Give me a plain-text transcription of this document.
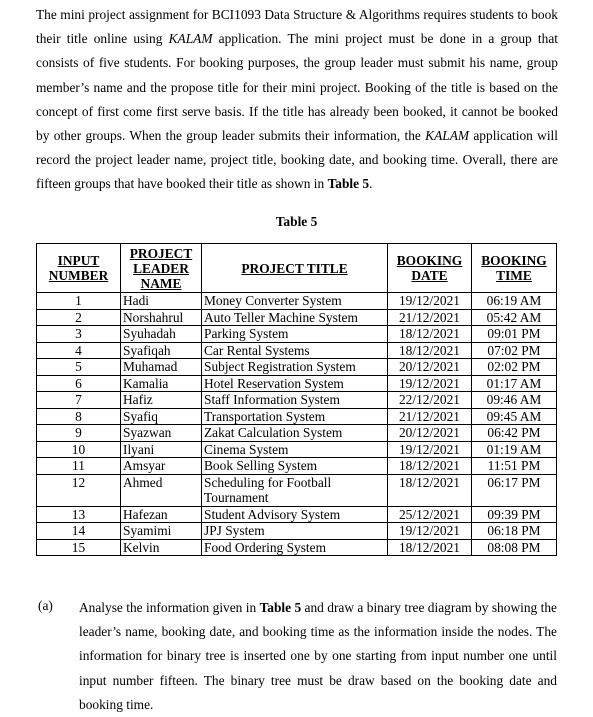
The mini project assignment for BCI1093 Data Structure & Algorithms requires students to book their title online using KALAM application. The mini project must be done in a group that consists of five students. For booking purposes, the group leader must submit his name, group member’s name and the propose title for their mini project. Booking of the title is based on the concept of first come first serve basis. If the title has already been booked, it cannot be booked by other groups. When the group leader submits their information, the KALAM application will record the project leader name, project title, booking date, and booking time. Overall, there are fifteen groups that have booked their title as shown in Table 5.

Table 5
INPUT NUMBER	PROJECT LEADER NAME	PROJECT TITLE	BOOKING DATE	BOOKING TIME
1	Hadi	Money Converter System	19/12/2021	06:19 AM
2	Norshahrul	Auto Teller Machine System	21/12/2021	05:42 AM
3	Syuhadah	Parking System	18/12/2021	09:01 PM
4	Syafiqah	Car Rental Systems	18/12/2021	07:02 PM
5	Muhamad	Subject Registration System	20/12/2021	02:02 PM
6	Kamalia	Hotel Reservation System	19/12/2021	01:17 AM
7	Hafiz	Staff Information System	22/12/2021	09:46 AM
8	Syafiq	Transportation System	21/12/2021	09:45 AM
9	Syazwan	Zakat Calculation System	20/12/2021	06:42 PM
10	Ilyani	Cinema System	19/12/2021	01:19 AM
11	Amsyar	Book Selling System	18/12/2021	11:51 PM
12	Ahmed	Scheduling for Football Tournament	18/12/2021	06:17 PM
13	Hafezan	Student Advisory System	25/12/2021	09:39 PM
14	Syamimi	JPJ System	19/12/2021	06:18 PM
15	Kelvin	Food Ordering System	18/12/2021	08:08 PM
(a) Analyse the information given in Table 5 and draw a binary tree diagram by showing the leader’s name, booking date, and booking time as the information inside the nodes. The information for binary tree is inserted one by one starting from input number one until input number fifteen. The binary tree must be draw based on the booking date and booking time.
